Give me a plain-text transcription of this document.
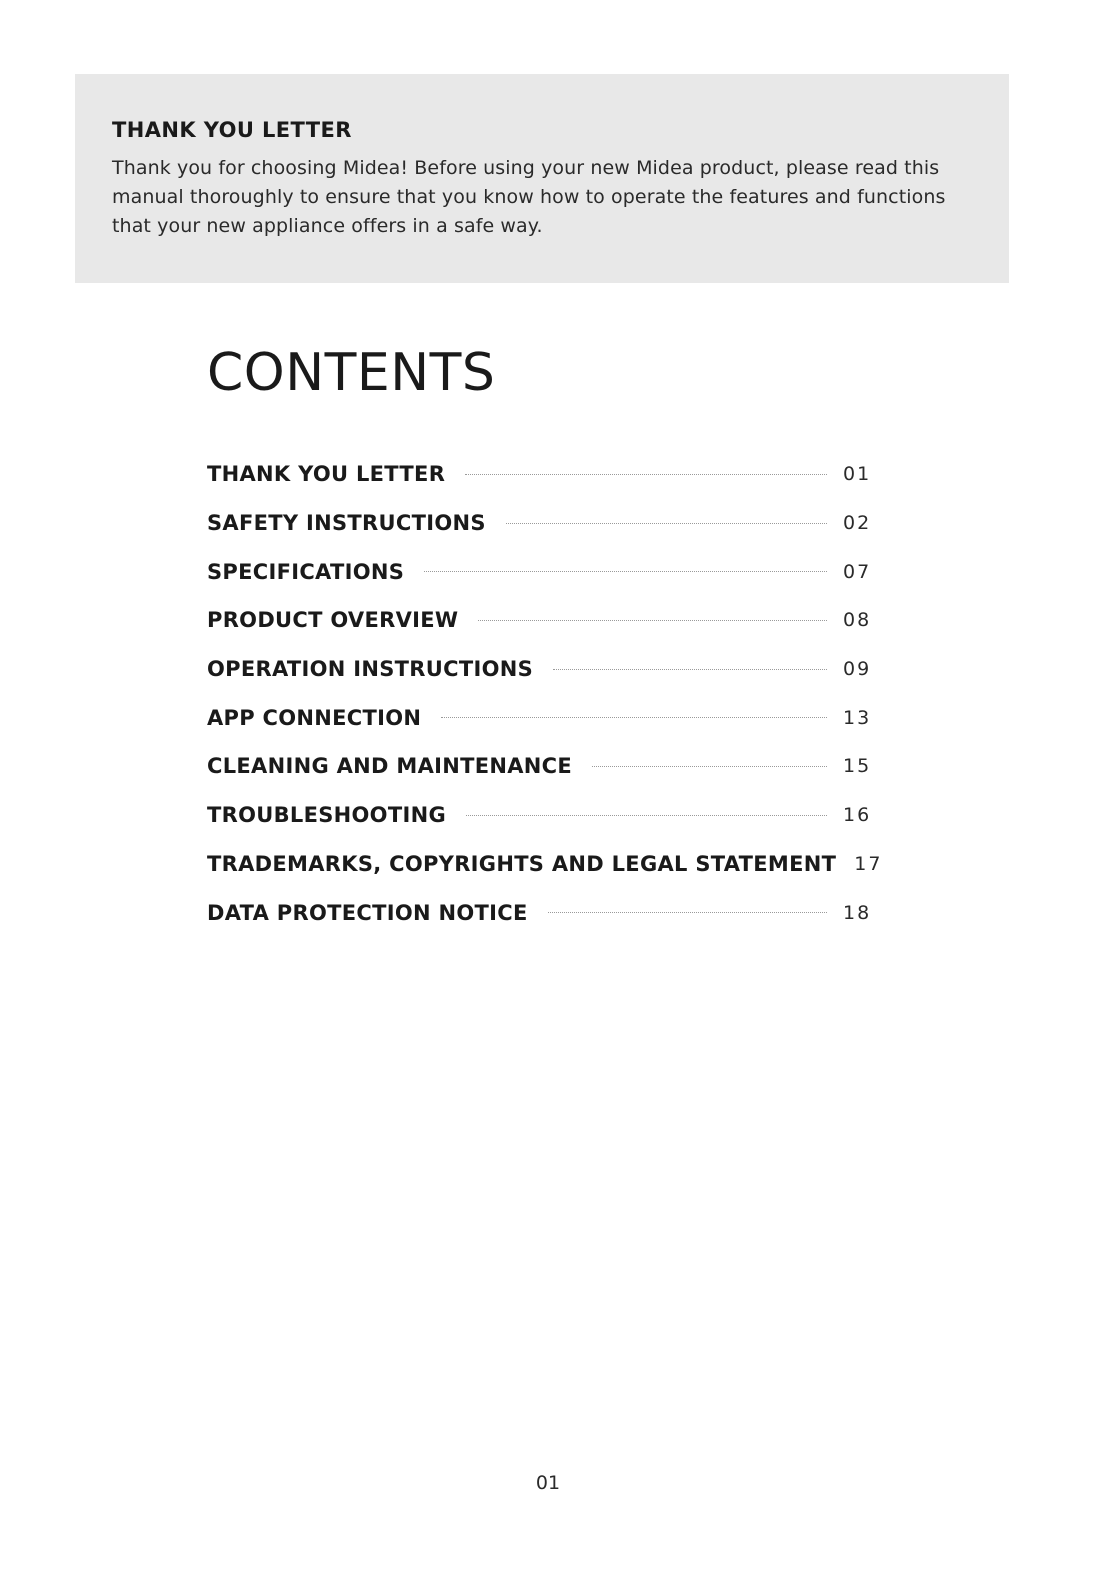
THANK YOU LETTER

Thank you for choosing Midea! Before using your new Midea product, please read this manual thoroughly to ensure that you know how to operate the features and functions that your new appliance offers in a safe way.

CONTENTS
THANK YOU LETTER	01
SAFETY INSTRUCTIONS	02
SPECIFICATIONS	07
PRODUCT OVERVIEW	08
OPERATION INSTRUCTIONS	09
APP CONNECTION	13
CLEANING AND MAINTENANCE	15
TROUBLESHOOTING	16
TRADEMARKS, COPYRIGHTS AND LEGAL STATEMENT 17
DATA PROTECTION NOTICE	18
01
